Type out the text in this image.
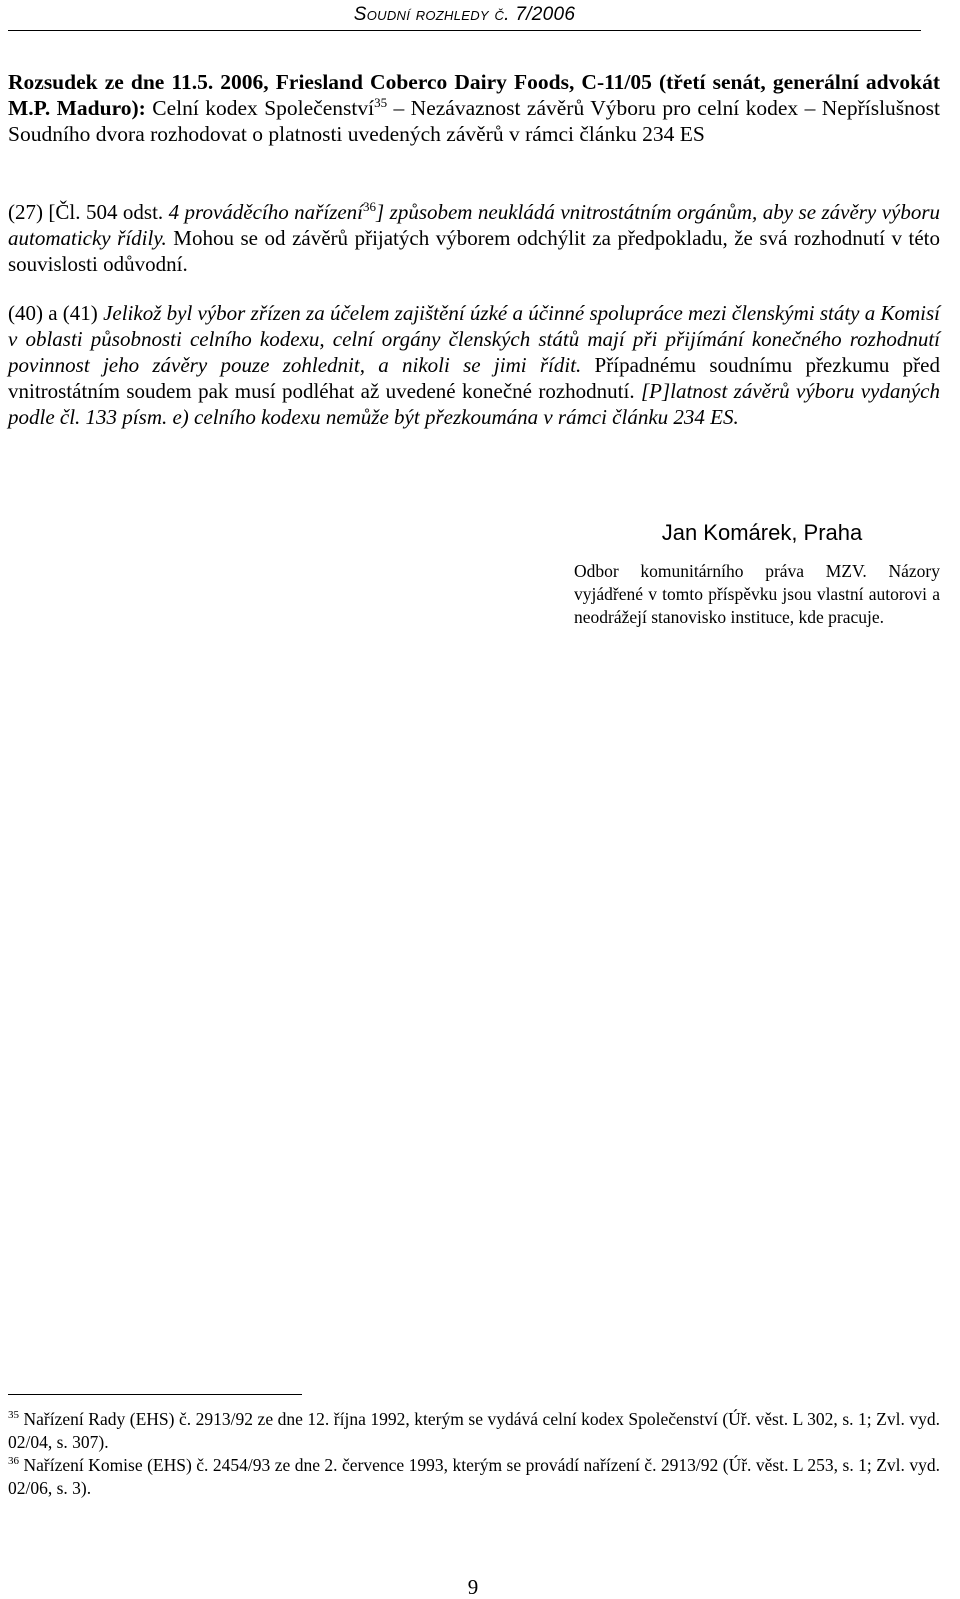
Soudní rozhledy č. 7/2006
Rozsudek ze dne 11.5. 2006, Friesland Coberco Dairy Foods, C-11/05 (třetí senát, generální advokát M.P. Maduro): Celní kodex Společenství$^{35}$ – Nezávaznost závěrů Výboru pro celní kodex – Nepříslušnost Soudního dvora rozhodovat o platnosti uvedených závěrů v rámci článku 234 ES

(27) [Čl. 504 odst. 4 prováděcího nařízení$^{36}$] způsobem neukládá vnitrostátním orgánům, aby se závěry výboru automaticky řídily. Mohou se od závěrů přijatých výborem odchýlit za předpokladu, že svá rozhodnutí v této souvislosti odůvodní.

(40) a (41) Jelikož byl výbor zřízen za účelem zajištění úzké a účinné spolupráce mezi členskými státy a Komisí v oblasti působnosti celního kodexu, celní orgány členských států mají při přijímání konečného rozhodnutí povinnost jeho závěry pouze zohlednit, a nikoli se jimi řídit. Případnému soudnímu přezkumu před vnitrostátním soudem pak musí podléhat až uvedené konečné rozhodnutí. [P]latnost závěrů výboru vydaných podle čl. 133 písm. e) celního kodexu nemůže být přezkoumána v rámci článku 234 ES.

Jan Komárek, Praha
Odbor komunitárního práva MZV. Názory vyjádřené v tomto příspěvku jsou vlastní autorovi a neodrážejí stanovisko instituce, kde pracuje.

$^{35}$ Nařízení Rady (EHS) č. 2913/92 ze dne 12. října 1992, kterým se vydává celní kodex Společenství (Úř. věst. L 302, s. 1; Zvl. vyd. 02/04, s. 307).

$^{36}$ Nařízení Komise (EHS) č. 2454/93 ze dne 2. července 1993, kterým se provádí nařízení č. 2913/92 (Úř. věst. L 253, s. 1; Zvl. vyd. 02/06, s. 3).

9
